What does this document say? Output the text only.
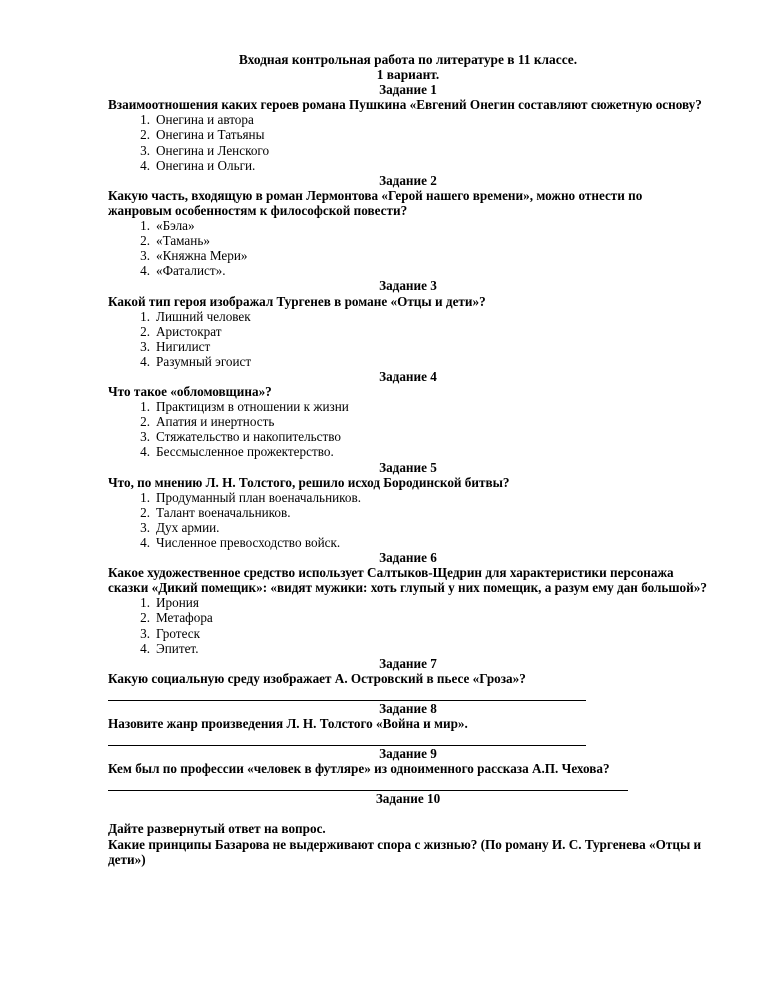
Входная контрольная работа по литературе в 11 классе.
1 вариант.
Задание 1
Взаимоотношения каких героев романа Пушкина «Евгений Онегин составляют сюжетную основу?
1. Онегина и автора
2. Онегина и Татьяны
3. Онегина и Ленского
4. Онегина и Ольги.
Задание 2
Какую часть, входящую в роман Лермонтова «Герой нашего времени», можно отнести по жанровым особенностям к философской повести?
1. «Бэла»
2. «Тамань»
3. «Княжна Мери»
4. «Фаталист».
Задание 3
Какой тип героя изображал Тургенев в романе «Отцы и дети»?
1. Лишний человек
2. Аристократ
3. Нигилист
4. Разумный эгоист
Задание 4
Что такое «обломовщина»?
1. Практицизм в отношении к жизни
2. Апатия и инертность
3. Стяжательство и накопительство
4. Бессмысленное прожектерство.
Задание 5
Что, по мнению Л. Н. Толстого, решило исход Бородинской битвы?
1. Продуманный план военачальников.
2. Талант военачальников.
3. Дух армии.
4. Численное превосходство войск.
Задание 6
Какое художественное средство использует Салтыков-Щедрин для характеристики персонажа сказки «Дикий помещик»: «видят мужики: хоть глупый у них помещик, а разум ему дан большой»?
1. Ирония
2. Метафора
3. Гротеск
4. Эпитет.
Задание 7
Какую социальную среду изображает А. Островский в пьесе «Гроза»?
Задание 8
Назовите жанр произведения Л. Н. Толстого «Война и мир».
Задание 9
Кем был по профессии «человек в футляре» из одноименного рассказа А.П. Чехова?
Задание 10
Дайте развернутый ответ на вопрос.
Какие принципы Базарова не выдерживают спора с жизнью? (По роману И. С. Тургенева «Отцы и дети»)
